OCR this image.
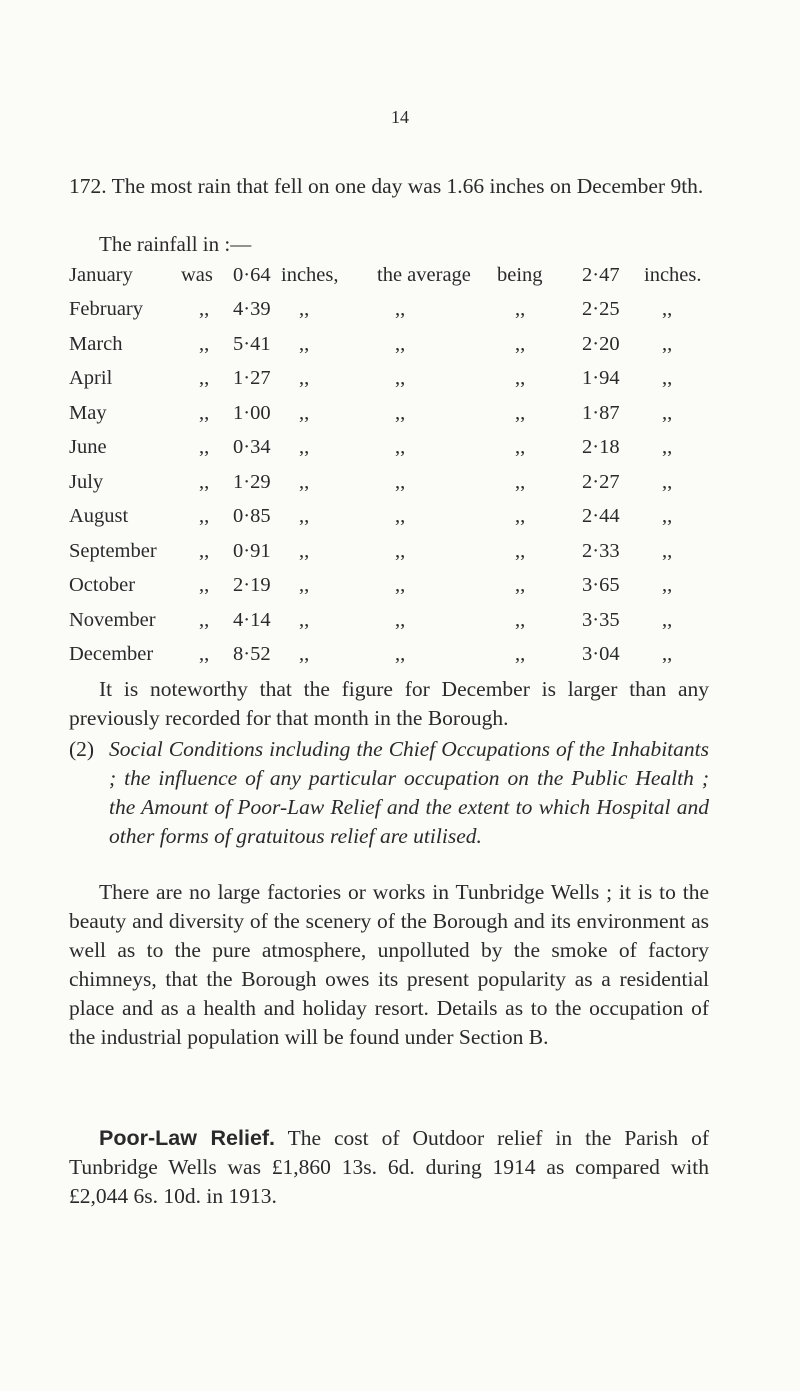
14

172. The most rain that fell on one day was 1.66 inches on December 9th.

The rainfall in :—
January	was	0·64	inches,	the average	being	2·47	inches.
February	,,	4·39	,,	,,	,,	2·25	,,
March	,,	5·41	,,	,,	,,	2·20	,,
April	,,	1·27	,,	,,	,,	1·94	,,
May	,,	1·00	,,	,,	,,	1·87	,,
June	,,	0·34	,,	,,	,,	2·18	,,
July	,,	1·29	,,	,,	,,	2·27	,,
August	,,	0·85	,,	,,	,,	2·44	,,
September	,,	0·91	,,	,,	,,	2·33	,,
October	,,	2·19	,,	,,	,,	3·65	,,
November	,,	4·14	,,	,,	,,	3·35	,,
December	,,	8·52	,,	,,	,,	3·04	,,

It is noteworthy that the figure for December is larger than any previously recorded for that month in the Borough.

(2) Social Conditions including the Chief Occupations of the Inhabitants ; the influence of any particular occupation on the Public Health ; the Amount of Poor-Law Relief and the extent to which Hospital and other forms of gratuitous relief are utilised.

There are no large factories or works in Tunbridge Wells ; it is to the beauty and diversity of the scenery of the Borough and its environment as well as to the pure atmosphere, unpolluted by the smoke of factory chimneys, that the Borough owes its present popularity as a residential place and as a health and holiday resort. Details as to the occupation of the industrial population will be found under Section B.

Poor-Law Relief. The cost of Outdoor relief in the Parish of Tunbridge Wells was £1,860 13s. 6d. during 1914 as compared with £2,044 6s. 10d. in 1913.
